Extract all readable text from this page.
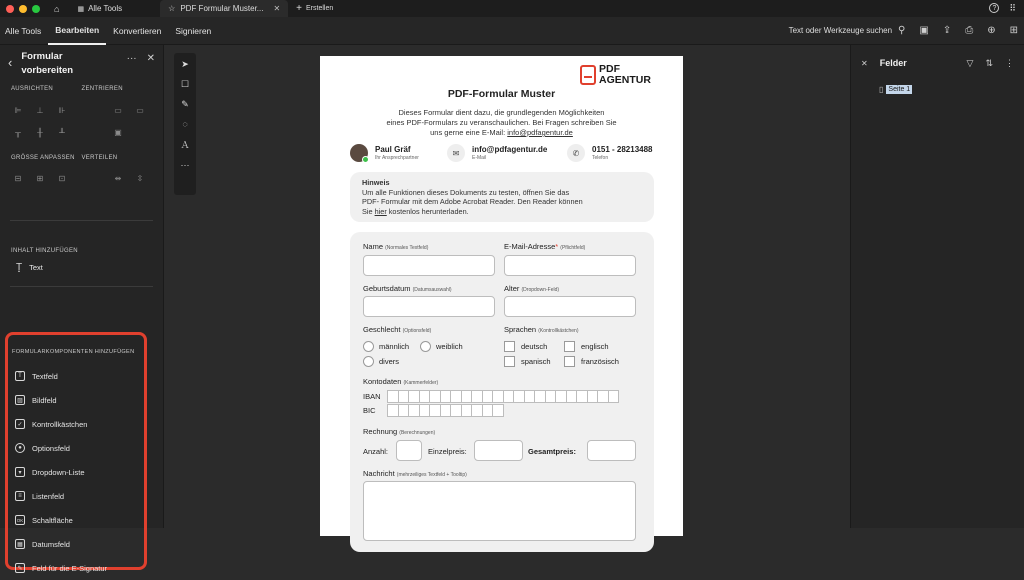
⌂	▦ Alle Tools	☆ PDF Formular Muster... ✕ + Erstellen	?	⠿
Alle Tools	Bearbeiten	Konvertieren	Signieren	Text oder Werkzeuge suchen ⚲ ▣ ⇪ ⎙ ⊕ ⊞
‹ Formular
vorbereiten
··· ✕
AUSRICHTEN	ZENTRIEREN
⊫ ⊥ ⊪	▭ ▭
╥ ╫ ╨	▣
GRÖSSE ANPASSEN	VERTEILEN
⊟ ⊞ ⊡	⇹ ⇳
INHALT HINZUFÜGEN
T̟ Text
FORMULARKOMPONENTEN HINZUFÜGEN
T	Textfeld
▨ Bildfeld
✓	Kontrollkästchen
●	Optionsfeld
▾	Dropdown-Liste
≡	Listenfeld
OK Schaltfläche
▦ Datumsfeld
✎	Feld für die E-Signatur
PDF
AGENTUR
PDF-Formular Muster
Dieses Formular dient dazu, die grundlegenden Möglichkeiten
eines PDF-Formulars zu veranschaulichen. Bei Fragen schreiben Sie
uns gerne eine E-Mail: info@pdfagentur.de
Paul Gräf
Ihr Ansprechpartner
✉	info@pdfagentur.de
E-Mail
✆	0151 - 28213488
Telefon
Hinweis
Um alle Funktionen dieses Dokuments zu testen, öffnen Sie das
PDF- Formular mit dem Adobe Acrobat Reader. Den Reader können
Sie hier kostenlos herunterladen.
Name (Normales Textfeld)	E-Mail-Adresse* (Pflichtfeld)
Geburtsdatum (Datumsauswahl)	Alter (Dropdown-Feld)
Geschlecht (Optionsfeld)
männlich	weiblich
divers
Sprachen (Kontrollkästchen)
deutsch	englisch
spanisch	französisch
Kontodaten (Kammerfelder)
IBAN
BIC
Rechnung (Berechnungen)
Anzahl:	Einzelpreis:	Gesamtpreis:
Nachricht (mehrzeiliges Textfeld + Tooltip)
➤
☐
✎
◌
Ａ
···
✕ Felder	▽ ⇅ ⋮
▯ Seite 1
